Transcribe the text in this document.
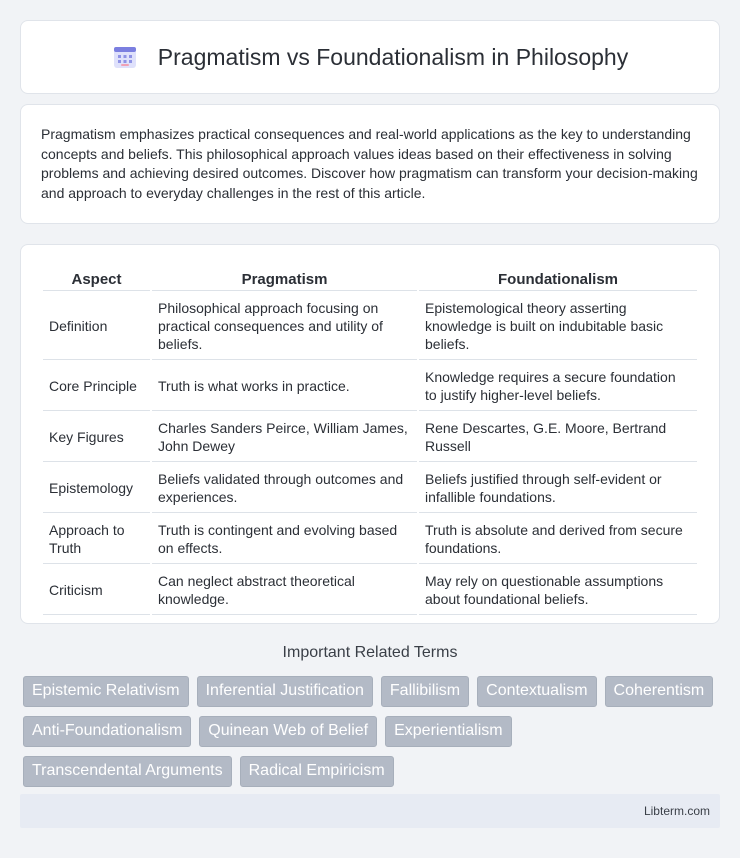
Pragmatism vs Foundationalism in Philosophy

Pragmatism emphasizes practical consequences and real-world applications as the key to understanding concepts and beliefs. This philosophical approach values ideas based on their effectiveness in solving problems and achieving desired outcomes. Discover how pragmatism can transform your decision-making and approach to everyday challenges in the rest of this article.

Aspect	Pragmatism	Foundationalism
Definition	Philosophical approach focusing on practical consequences and utility of beliefs.	Epistemological theory asserting knowledge is built on indubitable basic beliefs.
Core Principle	Truth is what works in practice.	Knowledge requires a secure foundation to justify higher-level beliefs.
Key Figures	Charles Sanders Peirce, William James, John Dewey	Rene Descartes, G.E. Moore, Bertrand Russell
Epistemology	Beliefs validated through outcomes and experiences.	Beliefs justified through self-evident or infallible foundations.
Approach to Truth	Truth is contingent and evolving based on effects.	Truth is absolute and derived from secure foundations.
Criticism	Can neglect abstract theoretical knowledge.	May rely on questionable assumptions about foundational beliefs.
Important Related Terms
Epistemic Relativism	Inferential Justification	Fallibilism	Contextualism	Coherentism
Anti-Foundationalism	Quinean Web of Belief	Experientialism
Transcendental Arguments	Radical Empiricism
Libterm.com
